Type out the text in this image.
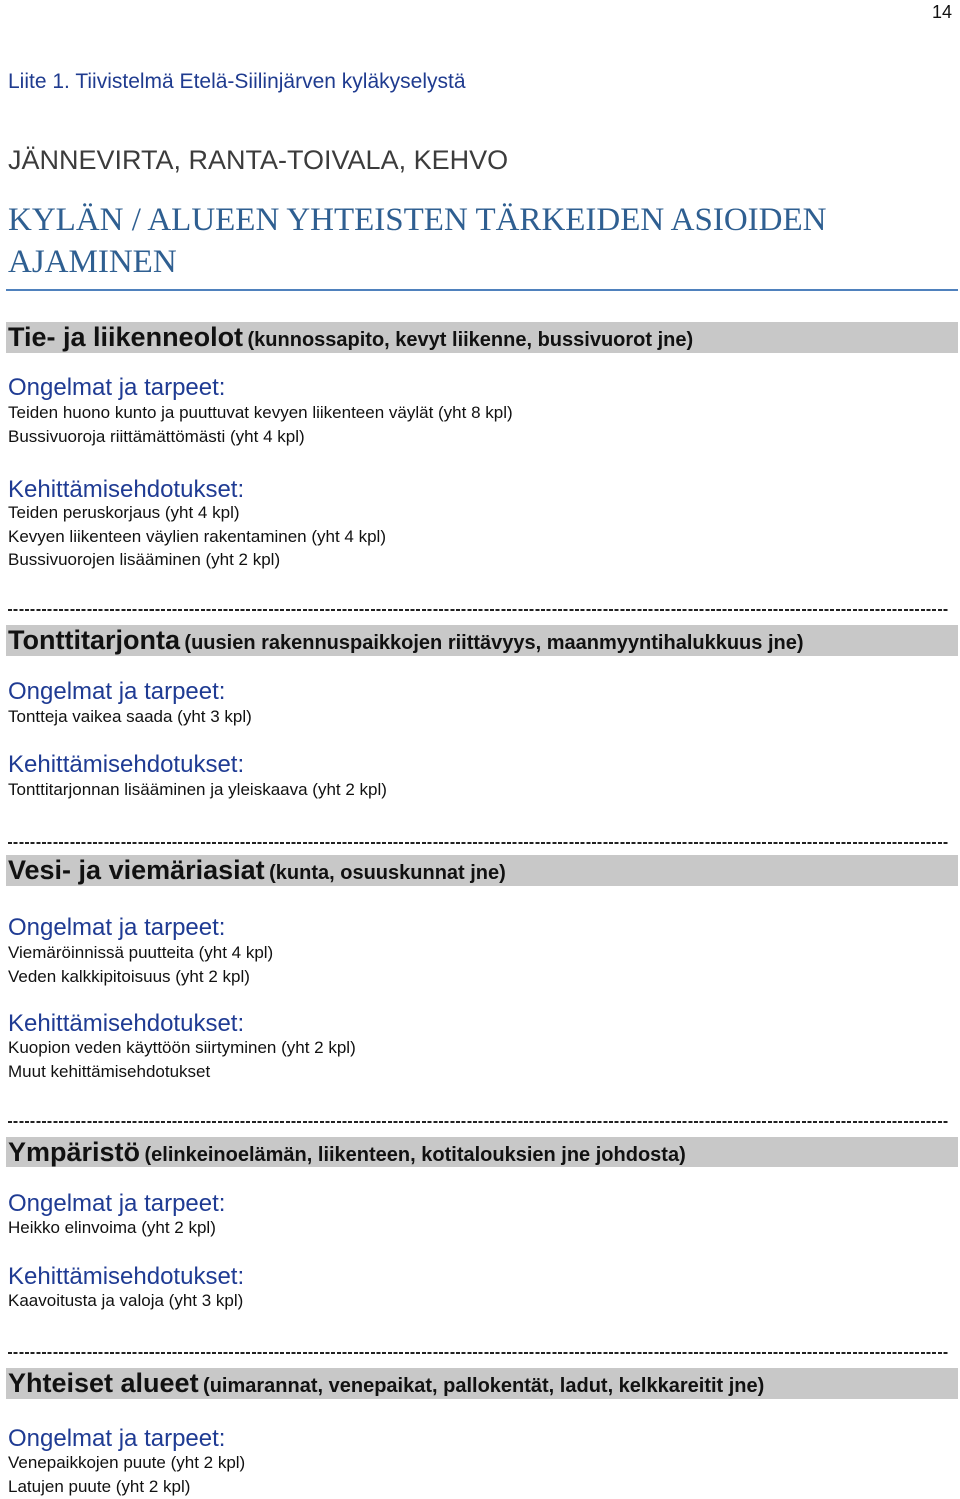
14
Liite 1. Tiivistelmä Etelä-Siilinjärven kyläkyselystä
JÄNNEVIRTA, RANTA-TOIVALA, KEHVO
KYLÄN / ALUEEN YHTEISTEN TÄRKEIDEN ASIOIDEN
AJAMINEN
Tie- ja liikenneolot (kunnossapito, kevyt liikenne, bussivuorot jne)
Ongelmat ja tarpeet:
Teiden huono kunto ja puuttuvat kevyen liikenteen väylät (yht 8 kpl)
Bussivuoroja riittämättömästi (yht 4 kpl)
Kehittämisehdotukset:
Teiden peruskorjaus (yht 4 kpl)
Kevyen liikenteen väylien rakentaminen (yht 4 kpl)
Bussivuorojen lisääminen (yht 2 kpl)
Tonttitarjonta (uusien rakennuspaikkojen riittävyys, maanmyyntihalukkuus jne)
Ongelmat ja tarpeet:
Tontteja vaikea saada (yht 3 kpl)
Kehittämisehdotukset:
Tonttitarjonnan lisääminen ja yleiskaava (yht 2 kpl)
Vesi- ja viemäriasiat (kunta, osuuskunnat jne)
Ongelmat ja tarpeet:
Viemäröinnissä puutteita (yht 4 kpl)
Veden kalkkipitoisuus (yht 2 kpl)
Kehittämisehdotukset:
Kuopion veden käyttöön siirtyminen (yht 2 kpl)
Muut kehittämisehdotukset
Ympäristö (elinkeinoelämän, liikenteen, kotitalouksien jne johdosta)
Ongelmat ja tarpeet:
Heikko elinvoima (yht 2 kpl)
Kehittämisehdotukset:
Kaavoitusta ja valoja (yht 3 kpl)
Yhteiset alueet (uimarannat, venepaikat, pallokentät, ladut, kelkkareitit jne)
Ongelmat ja tarpeet:
Venepaikkojen puute (yht 2 kpl)
Latujen puute (yht 2 kpl)
